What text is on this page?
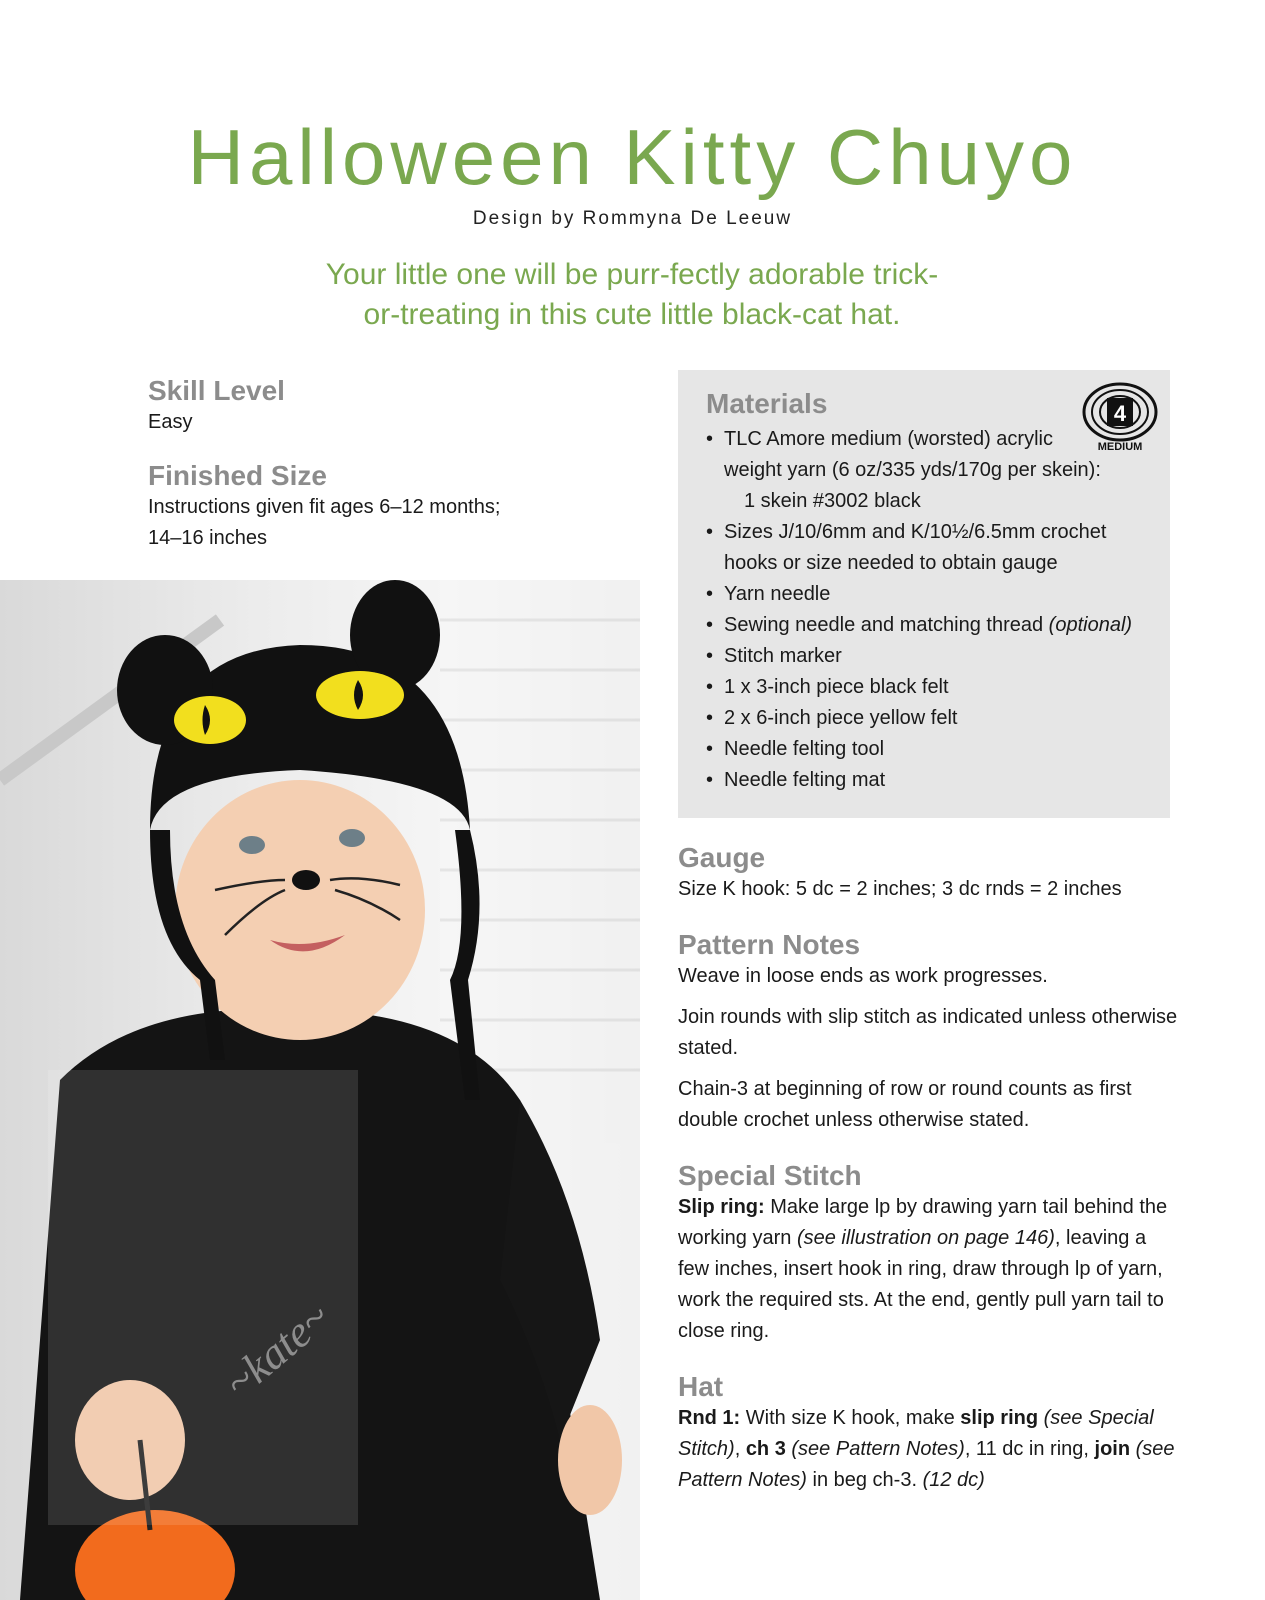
Halloween Kitty Chuyo
Design by Rommyna De Leeuw
Your little one will be purr-fectly adorable trick-
or-treating in this cute little black-cat hat.
Skill Level
Easy
Finished Size
Instructions given fit ages 6–12 months;
14–16 inches
~kate~
Materials	4
MEDIUM
• TLC Amore medium (worsted) acrylic
weight yarn (6 oz/335 yds/170g per skein):
1 skein #3002 black
• Sizes J/10/6mm and K/10½/6.5mm crochet
hooks or size needed to obtain gauge
• Yarn needle
• Sewing needle and matching thread (optional)
• Stitch marker
• 1 x 3-inch piece black felt
• 2 x 6-inch piece yellow felt
• Needle felting tool
• Needle felting mat
Gauge
Size K hook: 5 dc = 2 inches; 3 dc rnds = 2 inches
Pattern Notes

Weave in loose ends as work progresses.

Join rounds with slip stitch as indicated unless otherwise stated.

Chain-3 at beginning of row or round counts as first double crochet unless otherwise stated.

Special Stitch

Slip ring: Make large lp by drawing yarn tail behind the working yarn (see illustration on page 146), leaving a few inches, insert hook in ring, draw through lp of yarn, work the required sts. At the end, gently pull yarn tail to close ring.

Hat

Rnd 1: With size K hook, make slip ring (see Special Stitch), ch 3 (see Pattern Notes), 11 dc in ring, join (see Pattern Notes) in beg ch-3. (12 dc)
